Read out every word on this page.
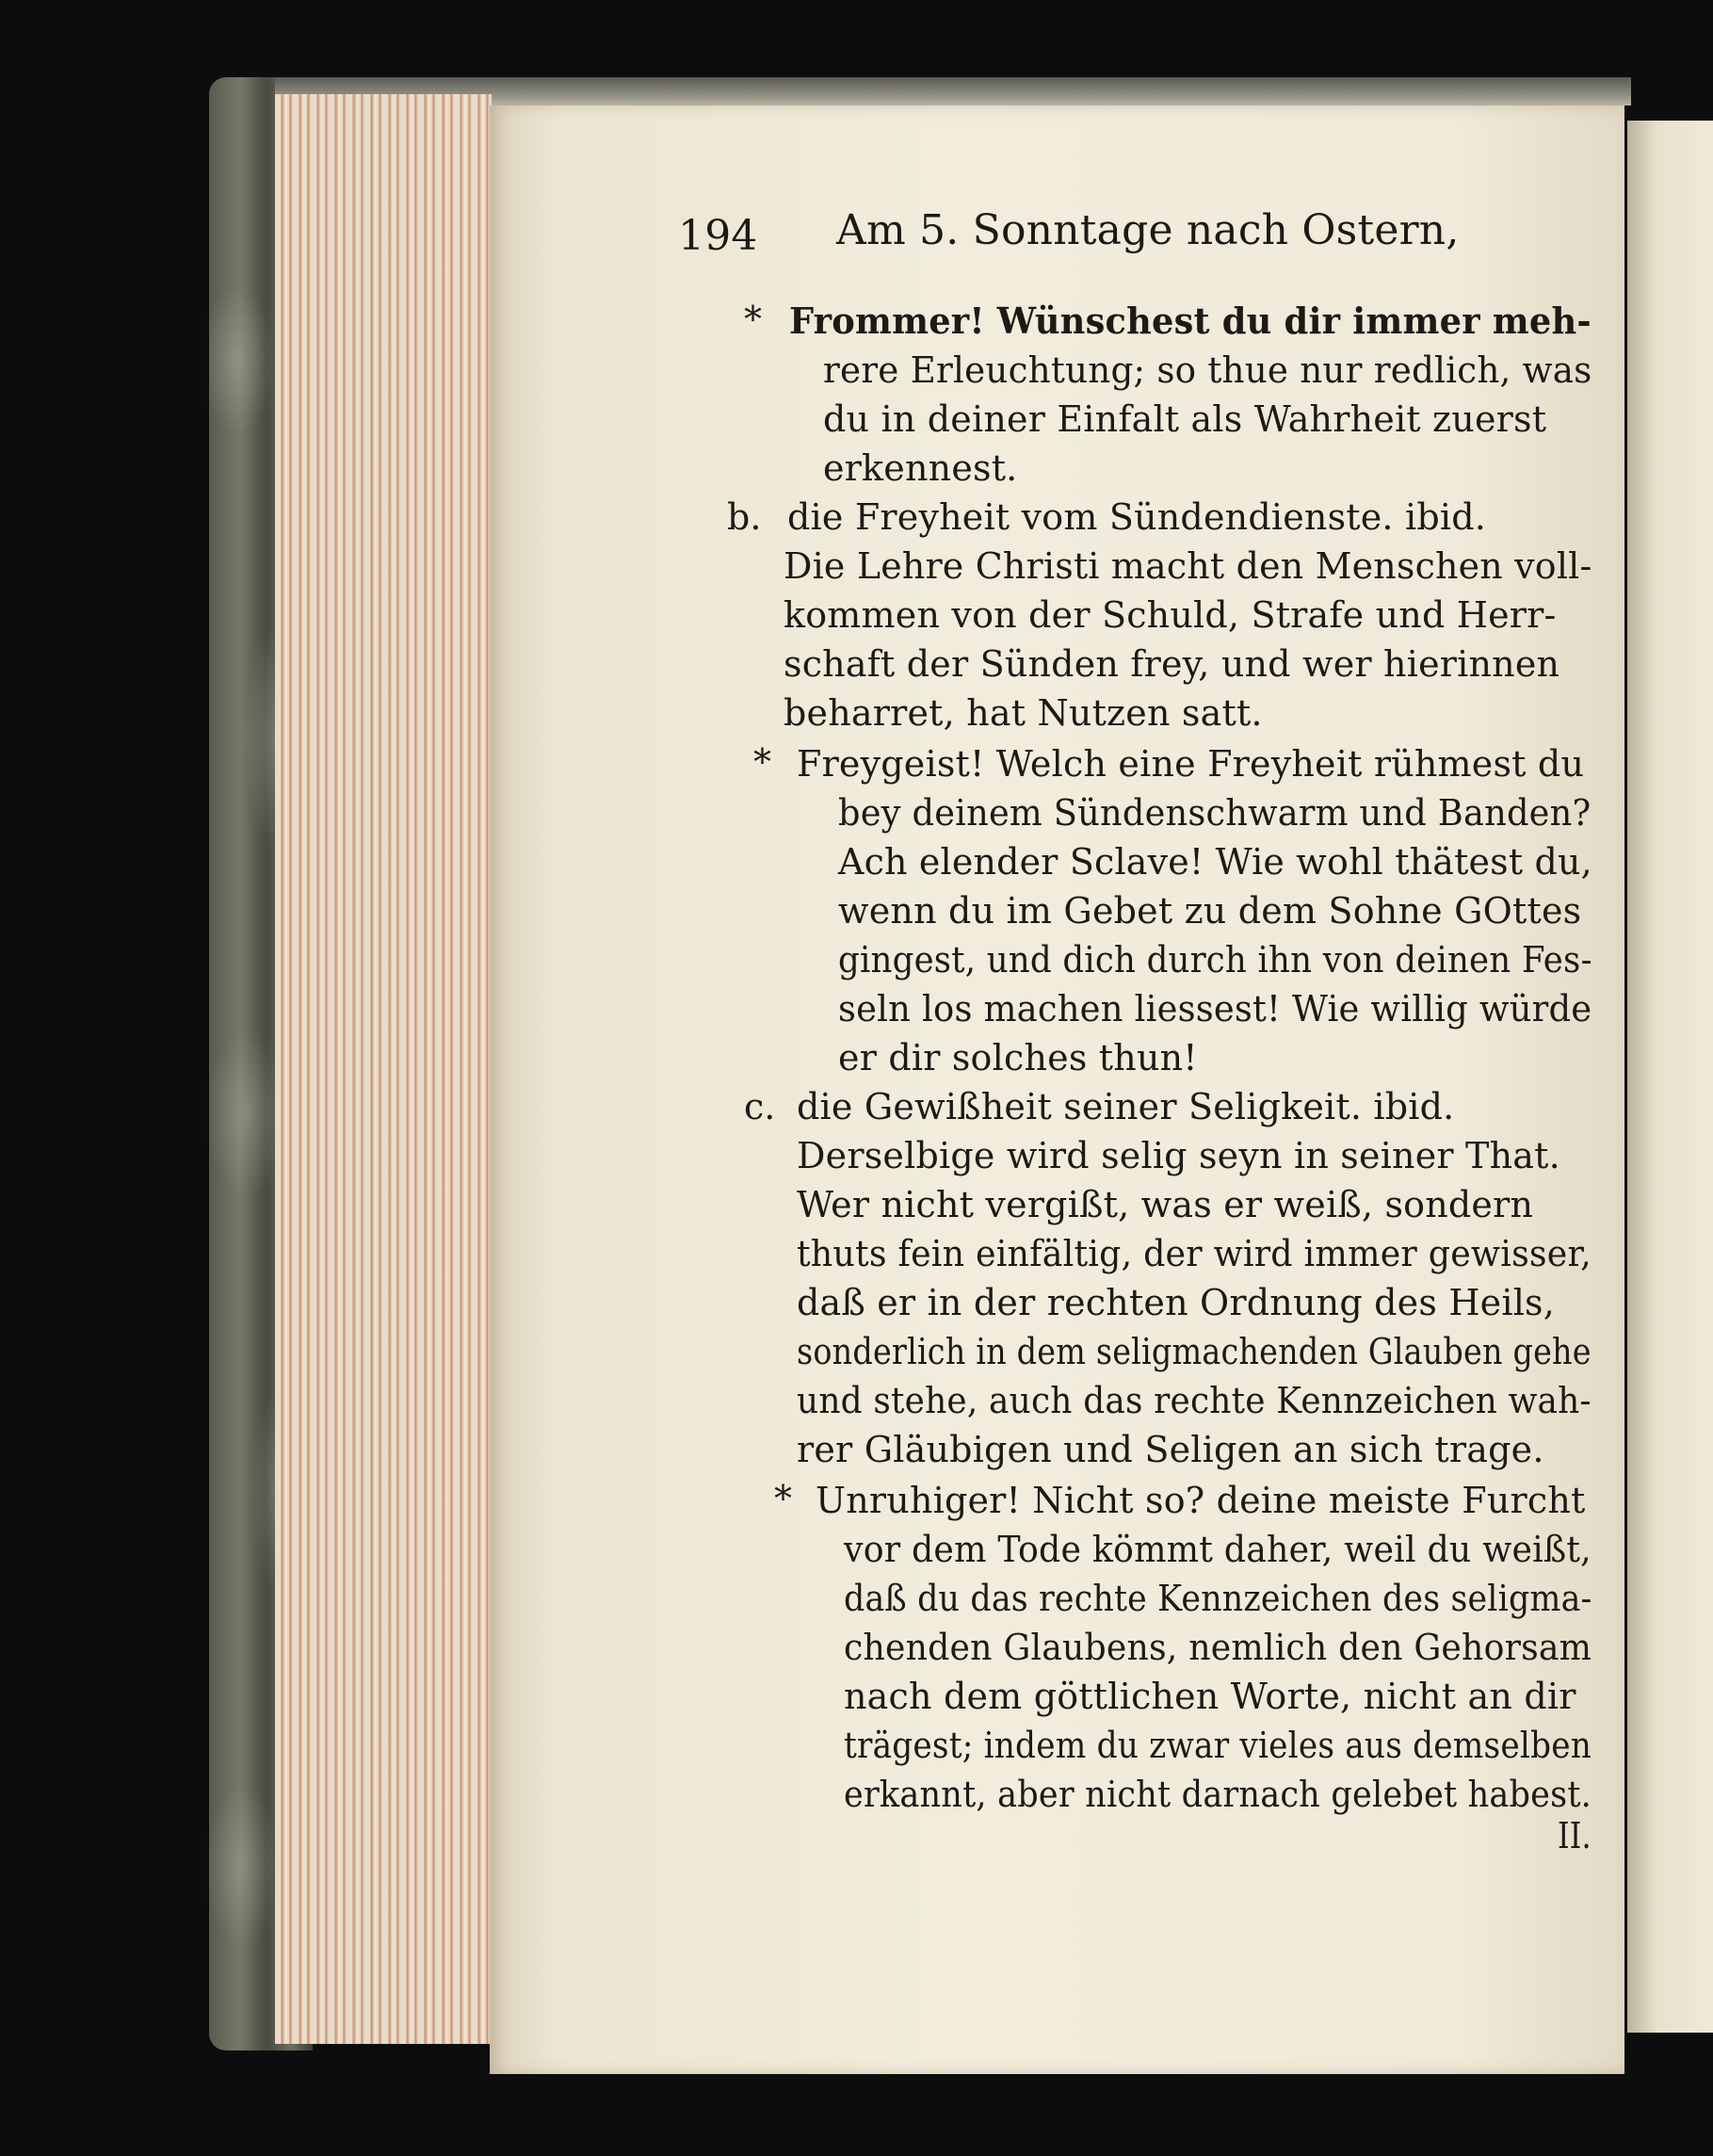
194 Am 5. Sonntage nach Ostern,

* Frommer! Wünschest du dir immer meh-

rere Erleuchtung; so thue nur redlich, was

du in deiner Einfalt als Wahrheit zuerst

erkennest.

b. die Freyheit vom Sündendienste. ibid.

Die Lehre Christi macht den Menschen voll-

kommen von der Schuld, Strafe und Herr-

schaft der Sünden frey, und wer hierinnen

beharret, hat Nutzen satt.

* Freygeist! Welch eine Freyheit rühmest du

bey deinem Sündenschwarm und Banden?

Ach elender Sclave! Wie wohl thätest du,

wenn du im Gebet zu dem Sohne GOttes

gingest, und dich durch ihn von deinen Fes-

seln los machen liessest! Wie willig würde

er dir solches thun!

c. die Gewißheit seiner Seligkeit. ibid.

Derselbige wird selig seyn in seiner That.

Wer nicht vergißt, was er weiß, sondern

thuts fein einfältig, der wird immer gewisser,

daß er in der rechten Ordnung des Heils,

sonderlich in dem seligmachenden Glauben gehe

und stehe, auch das rechte Kennzeichen wah-

rer Gläubigen und Seligen an sich trage.

* Unruhiger! Nicht so? deine meiste Furcht

vor dem Tode kömmt daher, weil du weißt,

daß du das rechte Kennzeichen des seligma-

chenden Glaubens, nemlich den Gehorsam

nach dem göttlichen Worte, nicht an dir

trägest; indem du zwar vieles aus demselben

erkannt, aber nicht darnach gelebet habest.

II.
